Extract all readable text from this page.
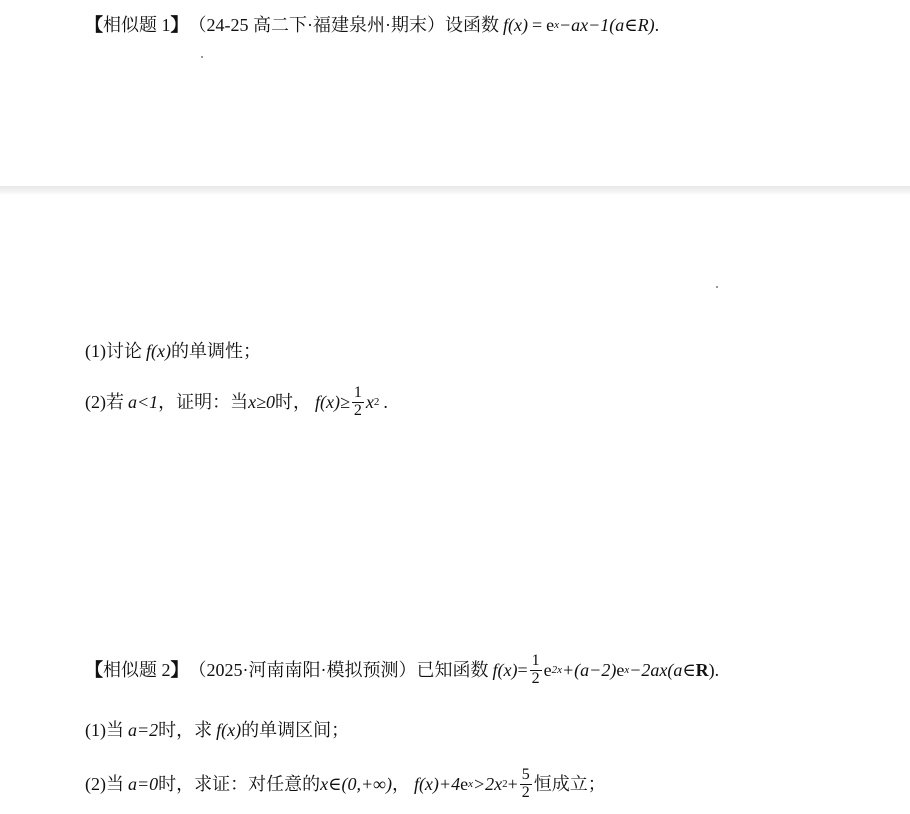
【 相似题 1 】 （24-25 高二下·福建泉州·期末） 设函数 f(x) = e x −ax−1(a∈R) .
(1) 讨论 f(x) 的单调性；
(2) 若 a<1 ，证明：当 x≥0 时， $f(x)\ge \frac{1}{2}$ x 2 .
【 相似题 2 】 （2025·河南南阳·模拟预测） 已知函数 $f(x) = \frac{1}{2}$ e 2x +(a−2) e x −2ax(a∈ R ) .
(1) 当 a=2 时，求 f(x) 的单调区间；
(2) 当 a=0 时，求证：对任意的 x∈(0,+∞) ， f(x)+4 e x >2x $2 + \frac{5}{2}$ 恒成立；
